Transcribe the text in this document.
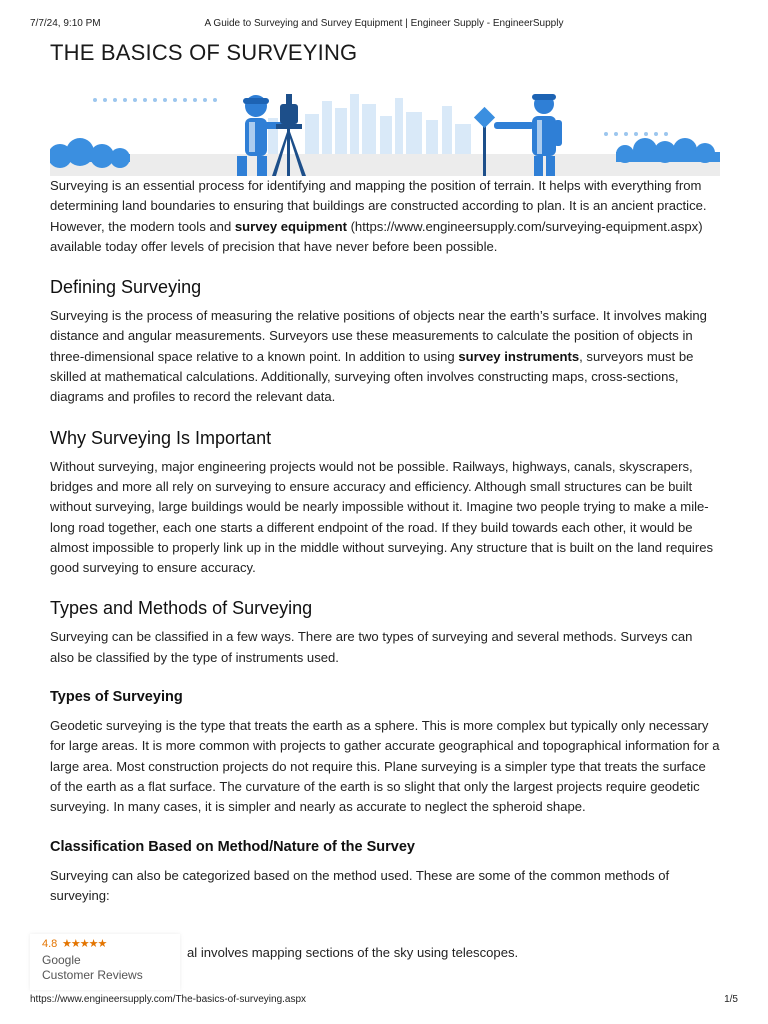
7/7/24, 9:10 PM	A Guide to Surveying and Survey Equipment | Engineer Supply - EngineerSupply
THE BASICS OF SURVEYING

Surveying is an essential process for identifying and mapping the position of terrain. It helps with everything from determining land boundaries to ensuring that buildings are constructed according to plan. It is an ancient practice. However, the modern tools and survey equipment (https://www.engineersupply.com/surveying-equipment.aspx) available today offer levels of precision that have never before been possible.

Defining Surveying

Surveying is the process of measuring the relative positions of objects near the earth’s surface. It involves making distance and angular measurements. Surveyors use these measurements to calculate the position of objects in three-dimensional space relative to a known point. In addition to using survey instruments, surveyors must be skilled at mathematical calculations. Additionally, surveying often involves constructing maps, cross-sections, diagrams and profiles to record the relevant data.

Why Surveying Is Important

Without surveying, major engineering projects would not be possible. Railways, highways, canals, skyscrapers, bridges and more all rely on surveying to ensure accuracy and efficiency. Although small structures can be built without surveying, large buildings would be nearly impossible without it. Imagine two people trying to make a mile-long road together, each one starts a different endpoint of the road. If they build towards each other, it would be almost impossible to properly link up in the middle without surveying. Any structure that is built on the land requires good surveying to ensure accuracy.

Types and Methods of Surveying

Surveying can be classified in a few ways. There are two types of surveying and several methods. Surveys can also be classified by the type of instruments used.

Types of Surveying

Geodetic surveying is the type that treats the earth as a sphere. This is more complex but typically only necessary for large areas. It is more common with projects to gather accurate geographical and topographical information for a large area. Most construction projects do not require this. Plane surveying is a simpler type that treats the surface of the earth as a flat surface. The curvature of the earth is so slight that only the largest projects require geodetic surveying. In many cases, it is simpler and nearly as accurate to neglect the spheroid shape.

Classification Based on Method/Nature of the Survey

Surveying can also be categorized based on the method used. These are some of the common methods of surveying:

al involves mapping sections of the sky using telescopes.
4.8 ★★★★★
Google
Customer Reviews
https://www.engineersupply.com/The-basics-of-surveying.aspx	1/5
